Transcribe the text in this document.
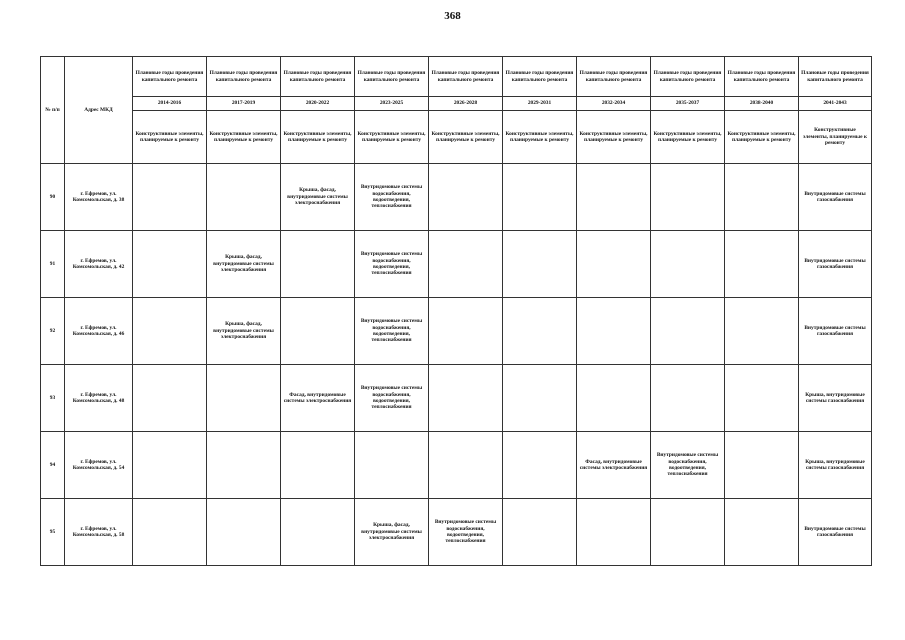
368
№ п/п	Адрес МКД	Плановые годы проведения капитального ремонта	Плановые годы проведения капитального ремонта	Плановые годы проведения капитального ремонта	Плановые годы проведения капитального ремонта	Плановые годы проведения капитального ремонта	Плановые годы проведения капитального ремонта	Плановые годы проведения капитального ремонта	Плановые годы проведения капитального ремонта	Плановые годы проведения капитального ремонта	Плановые годы проведения капитального ремонта
		2014-2016	2017-2019	2020-2022	2023-2025	2026-2028	2029-2031	2032-2034	2035-2037	2038-2040	2041-2043
		Конструктивные элементы, планируемые к ремонту	Конструктивные элементы, планируемые к ремонту	Конструктивные элементы, планируемые к ремонту	Конструктивные элементы, планируемые к ремонту	Конструктивные элементы, планируемые к ремонту	Конструктивные элементы, планируемые к ремонту	Конструктивные элементы, планируемые к ремонту	Конструктивные элементы, планируемые к ремонту	Конструктивные элементы, планируемые к ремонту	Конструктивные элементы, планируемые к ремонту
90	г. Ефремов, ул. Комсомольская, д. 38			Крыша, фасад, внутридомовые системы электроснабжения	Внутридомовые системы водоснабжения, водоотведения, теплоснабжения						Внутридомовые системы газоснабжения
91	г. Ефремов, ул. Комсомольская, д. 42		Крыша, фасад, внутридомовые системы электроснабжения		Внутридомовые системы водоснабжения, водоотведения, теплоснабжения						Внутридомовые системы газоснабжения
92	г. Ефремов, ул. Комсомольская, д. 46		Крыша, фасад, внутридомовые системы электроснабжения		Внутридомовые системы водоснабжения, водоотведения, теплоснабжения						Внутридомовые системы газоснабжения
93	г. Ефремов, ул. Комсомольская, д. 48			Фасад, внутридомовые системы электроснабжения	Внутридомовые системы водоснабжения, водоотведения, теплоснабжения						Крыша, внутридомовые системы газоснабжения
94	г. Ефремов, ул. Комсомольская, д. 54							Фасад, внутридомовые системы электроснабжения	Внутридомовые системы водоснабжения, водоотведения, теплоснабжения		Крыша, внутридомовые системы газоснабжения
95	г. Ефремов, ул. Комсомольская, д. 58				Крыша, фасад, внутридомовые системы электроснабжения	Внутридомовые системы водоснабжения, водоотведения, теплоснабжения					Внутридомовые системы газоснабжения
